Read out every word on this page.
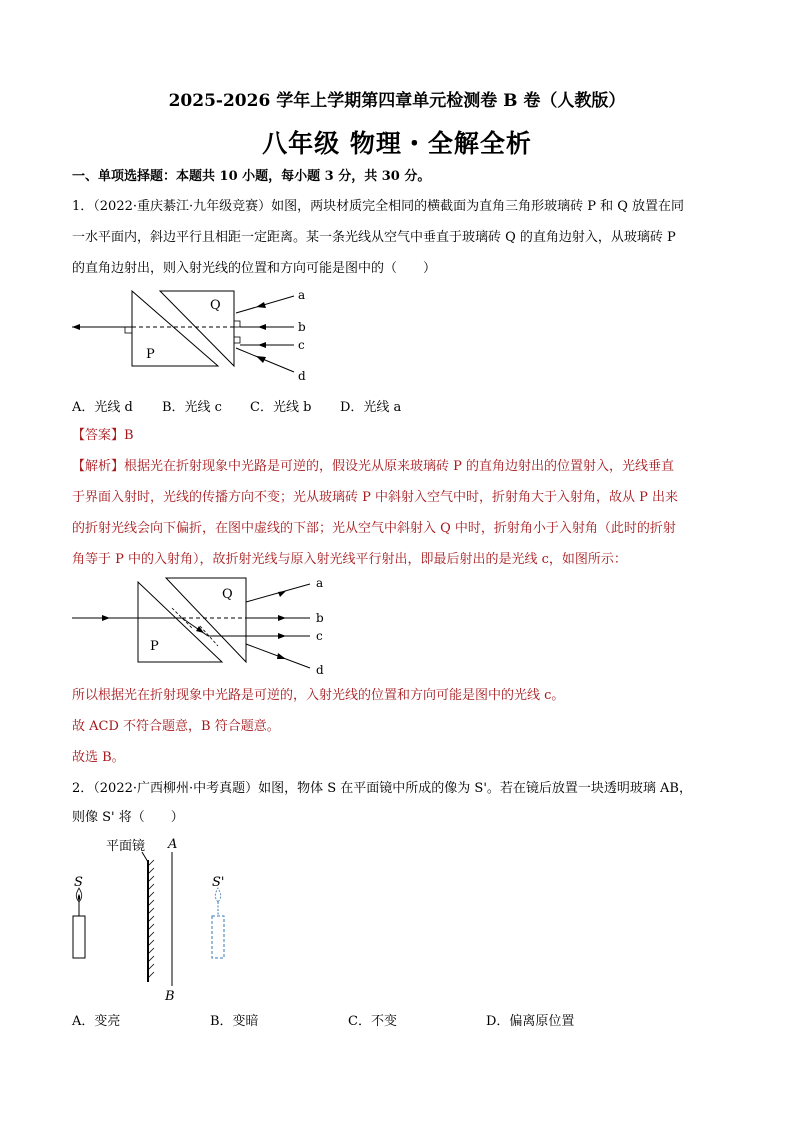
2025-2026 学年上学期第四章单元检测卷 B 卷（人教版）
八年级 物理・全解全析
一、单项选择题：本题共 10 小题，每小题 3 分，共 30 分。
1．（2022·重庆綦江·九年级竞赛）如图，两块材质完全相同的横截面为直角三角形玻璃砖 P 和 Q 放置在同
一水平面内，斜边平行且相距一定距离。某一条光线从空气中垂直于玻璃砖 Q 的直角边射入，从玻璃砖 P
的直角边射出，则入射光线的位置和方向可能是图中的（　　）
Q
P
a
b
c
d
A．光线 d B．光线 c C．光线 b D．光线 a
【答案】B
【解析】根据光在折射现象中光路是可逆的，假设光从原来玻璃砖 P 的直角边射出的位置射入，光线垂直
于界面入射时，光线的传播方向不变；光从玻璃砖 P 中斜射入空气中时，折射角大于入射角，故从 P 出来
的折射光线会向下偏折，在图中虚线的下部；光从空气中斜射入 Q 中时，折射角小于入射角（此时的折射
角等于 P 中的入射角），故折射光线与原入射光线平行射出，即最后射出的是光线 c，如图所示：
Q
P
a
b
c
d
所以根据光在折射现象中光路是可逆的，入射光线的位置和方向可能是图中的光线 c。
故 ACD 不符合题意，B 符合题意。
故选 B。
2．（2022·广西柳州·中考真题）如图，物体 S 在平面镜中所成的像为 S'。若在镜后放置一块透明玻璃 AB，
则像 S' 将（　　）
平面镜 A
B
S	S'
A．变亮	B．变暗	C．不变	D．偏离原位置
